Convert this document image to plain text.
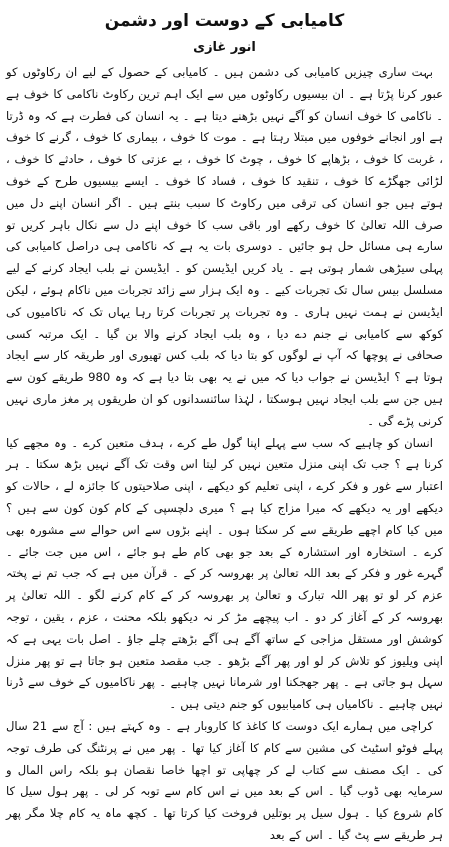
کامیابی کے دوست اور دشمن
انور غازی

بہت ساری چیزیں کامیابی کی دشمن ہیں ۔ کامیابی کے حصول کے لیے ان رکاوٹوں کو عبور کرنا پڑتا ہے ۔ ان بیسیوں رکاوٹوں میں سے ایک اہم ترین رکاوٹ ناکامی کا خوف ہے ۔ ناکامی کا خوف انسان کو آگے نہیں بڑھنے دیتا ہے ۔ یہ انسان کی فطرت ہے کہ وہ ڈرتا ہے اور انجانے خوفوں میں مبتلا رہتا ہے ۔ موت کا خوف ، بیماری کا خوف ، گرنے کا خوف ، غربت کا خوف ، بڑھاپے کا خوف ، چوٹ کا خوف ، بے عزتی کا خوف ، حادثے کا خوف ، لڑائی جھگڑے کا خوف ، تنقید کا خوف ، فساد کا خوف ۔ ایسے بیسیوں طرح کے خوف ہوتے ہیں جو انسان کی ترقی میں رکاوٹ کا سبب بنتے ہیں ۔ اگر انسان اپنے دل میں صرف اللہ تعالیٰ کا خوف رکھے اور باقی سب کا خوف اپنے دل سے نکال باہر کریں تو سارے ہی مسائل حل ہو جائیں ۔ دوسری بات یہ ہے کہ ناکامی ہی دراصل کامیابی کی پہلی سیڑھی شمار ہوتی ہے ۔ یاد کریں ایڈیسن کو ۔ ایڈیسن نے بلب ایجاد کرنے کے لیے مسلسل بیس سال تک تجربات کیے ۔ وہ ایک ہزار سے زائد تجربات میں ناکام ہوئے ، لیکن ایڈیسن نے ہمت نہیں ہاری ۔ وہ تجربات پر تجربات کرتا رہا یہاں تک کہ ناکامیوں کی کوکھ سے کامیابی نے جنم دے دیا ، وہ بلب ایجاد کرنے والا بن گیا ۔ ایک مرتبہ کسی صحافی نے پوچھا کہ آپ نے لوگوں کو بتا دیا کہ بلب کس تھیوری اور طریقہ کار سے ایجاد ہوتا ہے ؟ ایڈیسن نے جواب دیا کہ میں نے یہ بھی بتا دیا ہے کہ وہ 980 طریقے کون سے ہیں جن سے بلب ایجاد نہیں ہوسکتا ، لہٰذا سائنسدانوں کو ان طریقوں پر مغز ماری نہیں کرنی پڑے گی ۔

انسان کو چاہیے کہ سب سے پہلے اپنا گول طے کرے ، ہدف متعین کرے ۔ وہ مجھے کیا کرنا ہے ؟ جب تک اپنی منزل متعین نہیں کر لیتا اس وقت تک آگے نہیں بڑھ سکتا ۔ ہر اعتبار سے غور و فکر کرے ، اپنی تعلیم کو دیکھے ، اپنی صلاحیتوں کا جائزہ لے ، حالات کو دیکھے اور یہ دیکھے کہ میرا مزاج کیا ہے ؟ میری دلچسپی کے کام کون کون سے ہیں ؟ میں کیا کام اچھے طریقے سے کر سکتا ہوں ۔ اپنے بڑوں سے اس حوالے سے مشورہ بھی کرے ۔ استخارہ اور استشارہ کے بعد جو بھی کام طے ہو جائے ، اس میں جت جائے ۔ گہرے غور و فکر کے بعد اللہ تعالیٰ پر بھروسہ کر کے ۔ قرآن میں ہے کہ جب تم نے پختہ عزم کر لو تو پھر اللہ تبارک و تعالیٰ پر بھروسہ کر کے کام کرنے لگو ۔ اللہ تعالیٰ پر بھروسہ کر کے آغاز کر دو ۔ اب پیچھے مڑ کر نہ دیکھو بلکہ محنت ، عزم ، یقین ، توجہ کوشش اور مستقل مزاجی کے ساتھ آگے ہی آگے بڑھتے چلے جاؤ ۔ اصل بات یہی ہے کہ اپنی ویلیوز کو تلاش کر لو اور پھر آگے بڑھو ۔ جب مقصد متعین ہو جاتا ہے تو پھر منزل سہل ہو جاتی ہے ۔ پھر جھجکنا اور شرمانا نہیں چاہیے ۔ پھر ناکامیوں کے خوف سے ڈرنا نہیں چاہیے ۔ ناکامیاں ہی کامیابیوں کو جنم دیتی ہیں ۔

کراچی میں ہمارے ایک دوست کا کاغذ کا کاروبار ہے ۔ وہ کہتے ہیں : آج سے 21 سال پہلے فوٹو اسٹیٹ کی مشین سے کام کا آغاز کیا تھا ۔ پھر میں نے پرنٹنگ کی طرف توجہ کی ۔ ایک مصنف سے کتاب لے کر چھاپی تو اچھا خاصا نقصان ہو بلکہ راس المال و سرمایہ بھی ڈوب گیا ۔ اس کے بعد میں نے اس کام سے توبہ کر لی ۔ پھر ہول سیل کا کام شروع کیا ۔ ہول سیل پر بوتلیں فروخت کیا کرتا تھا ۔ کچھ ماہ یہ کام چلا مگر پھر ہر طریقے سے پٹ گیا ۔ اس کے بعد
